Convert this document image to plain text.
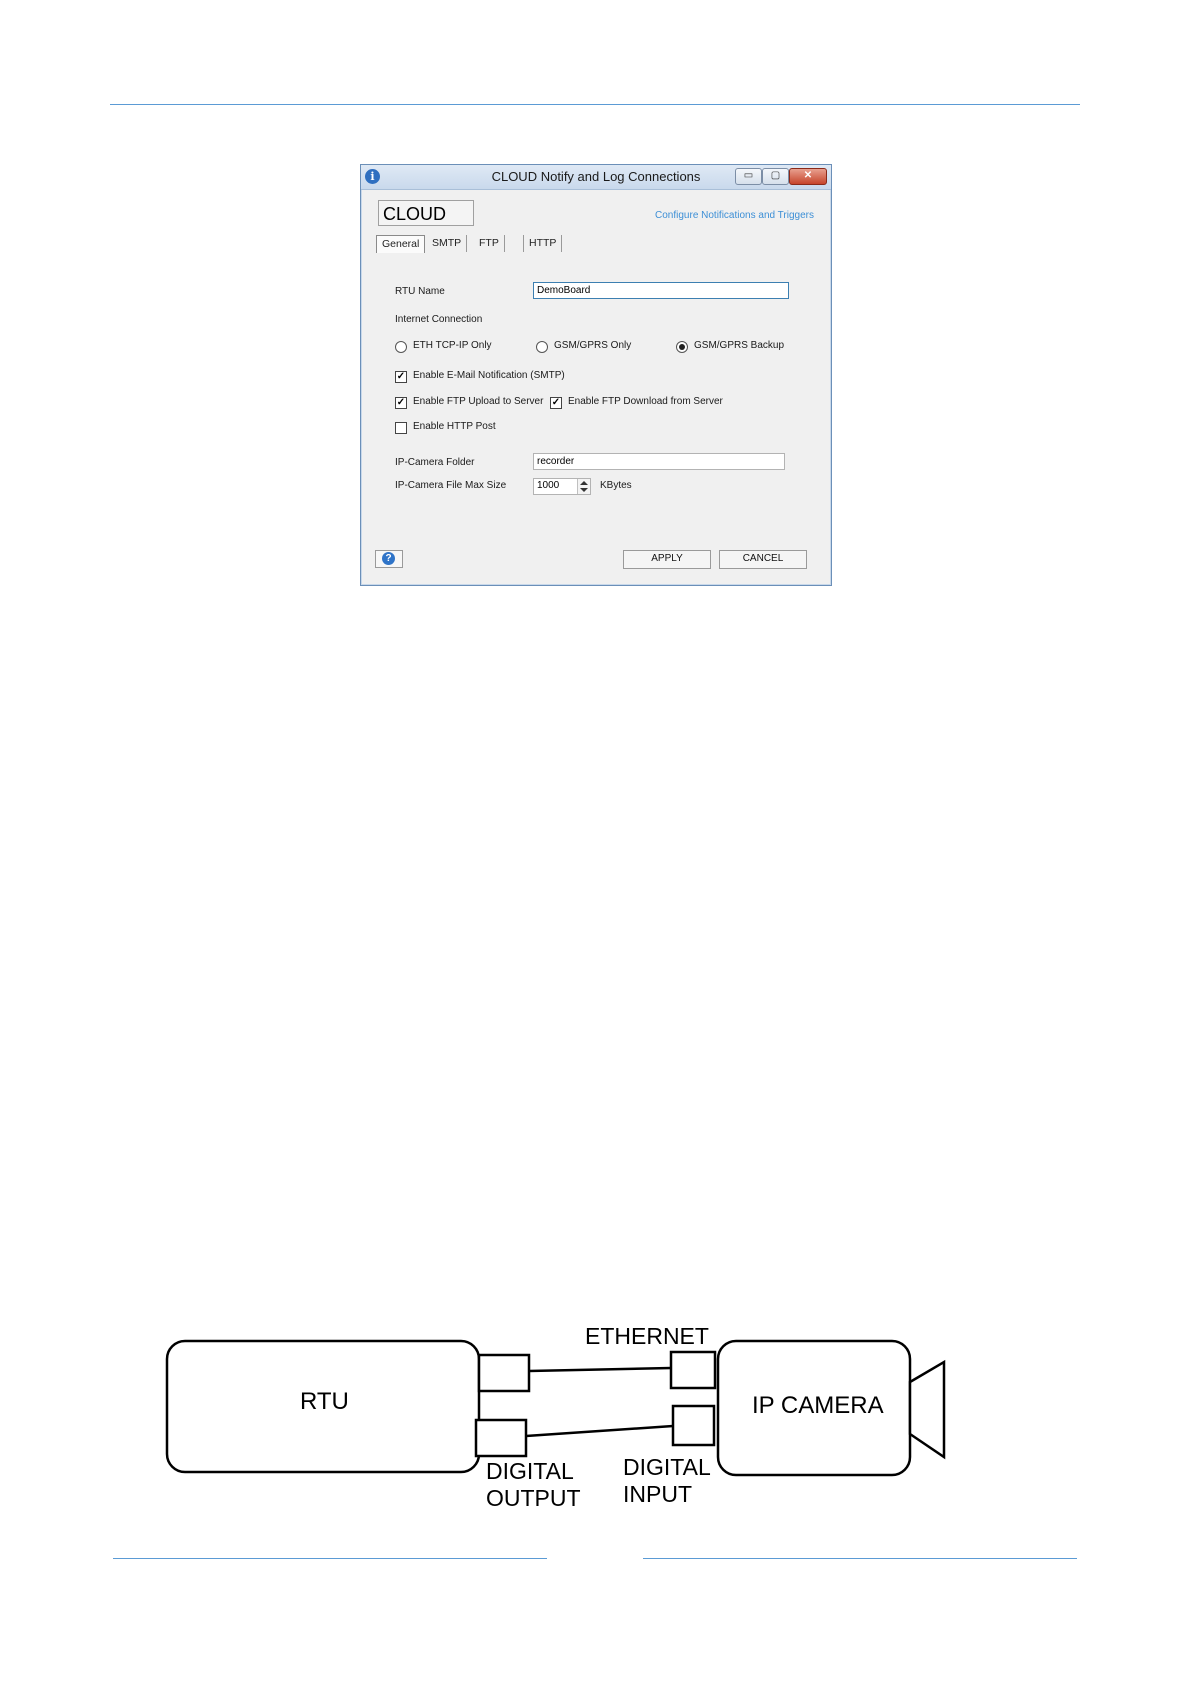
i	CLOUD Notify and Log Connections	▭	▢	✕
CLOUD	Configure Notifications and Triggers
General	SMTP	FTP	HTTP
RTU Name	DemoBoard
Internet Connection
ETH TCP-IP Only	GSM/GPRS Only	GSM/GPRS Backup
✓ Enable E-Mail Notification (SMTP)
✓ Enable FTP Upload to Server ✓ Enable FTP Download from Server
Enable HTTP Post
IP-Camera Folder	recorder
IP-Camera File Max Size	1000	KBytes
?	APPLY	CANCEL
RTU	IP CAMERA
ETHERNET
DIGITAL
OUTPUT
DIGITAL
INPUT
